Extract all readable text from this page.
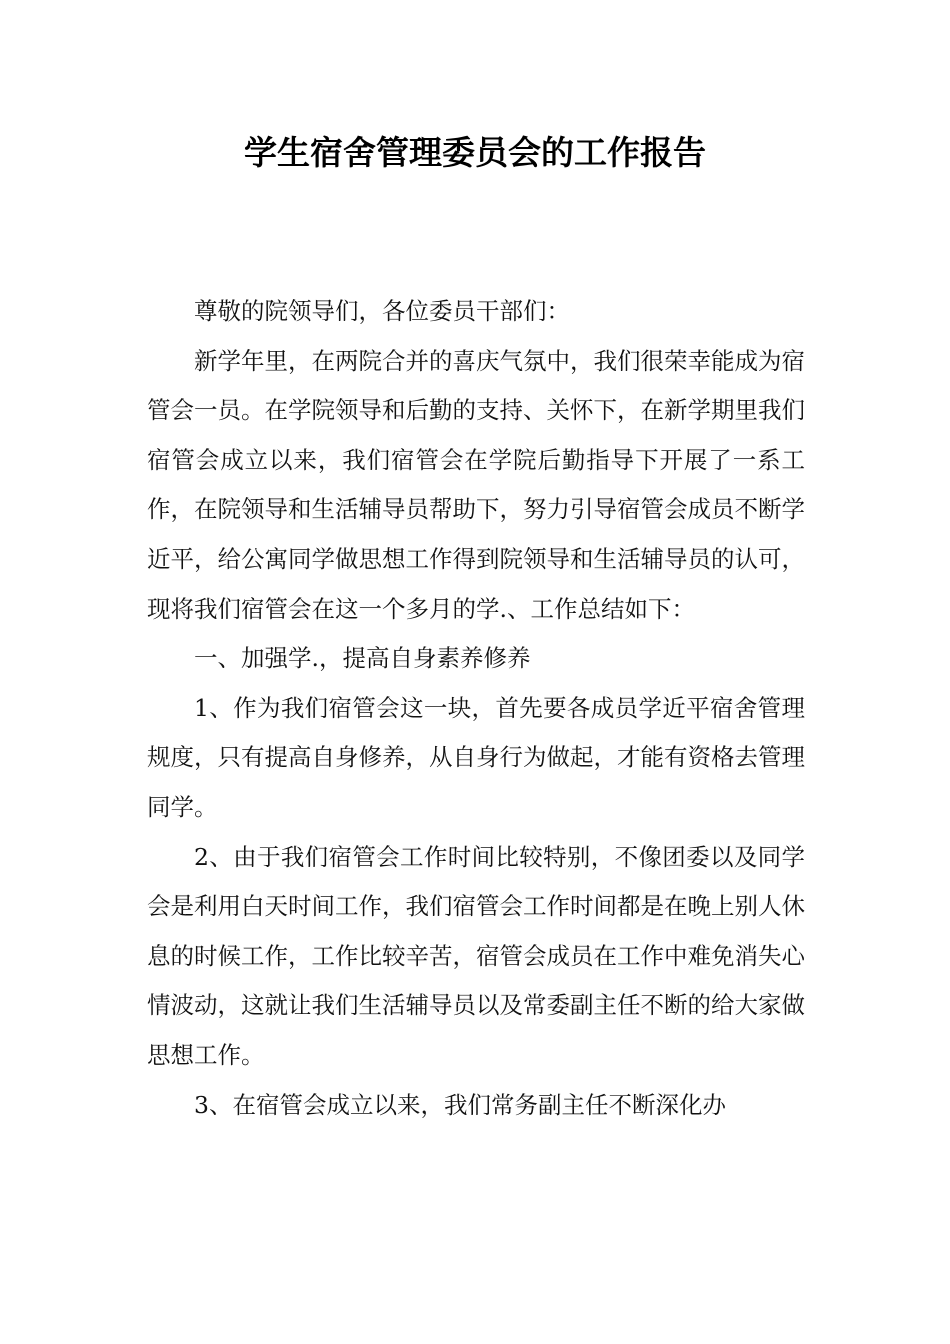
学生宿舍管理委员会的工作报告

尊敬的院领导们，各位委员干部们：

新学年里，在两院合并的喜庆气氛中，我们很荣幸能成为宿管会一员。在学院领导和后勤的支持、关怀下，在新学期里我们宿管会成立以来，我们宿管会在学院后勤指导下开展了一系工作，在院领导和生活辅导员帮助下，努力引导宿管会成员不断学近平，给公寓同学做思想工作得到院领导和生活辅导员的认可，现将我们宿管会在这一个多月的学.、工作总结如下：

一、加强学.，提高自身素养修养

1、作为我们宿管会这一块，首先要各成员学近平宿舍管理规度，只有提高自身修养，从自身行为做起，才能有资格去管理同学。

2、由于我们宿管会工作时间比较特别，不像团委以及同学会是利用白天时间工作，我们宿管会工作时间都是在晚上别人休息的时候工作，工作比较辛苦，宿管会成员在工作中难免消失心情波动，这就让我们生活辅导员以及常委副主任不断的给大家做思想工作。

3、在宿管会成立以来，我们常务副主任不断深化办
